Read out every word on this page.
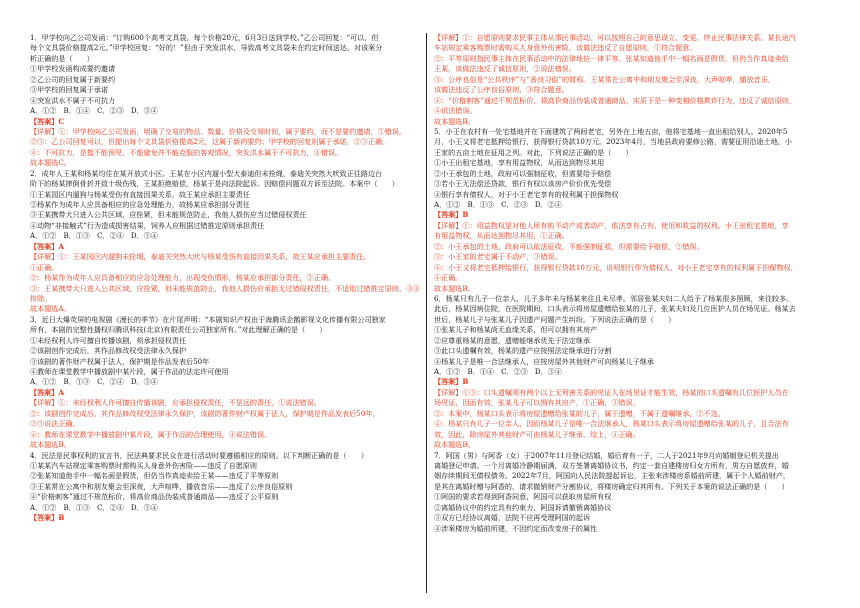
1．甲学校向乙公司发函：“订购600个高考文具袋，每个价格20元，6月3日送到学校。”乙公司回复：“可以，但
每个文具袋价格提高2元。”甲学校回复：“好的！”但由于突发洪水，导致高考文具袋未在约定时间送达。对该案分
析正确的是（　　）
①甲学校发函构成要约邀请
②乙公司的回复属于新要约
③甲学校的回复属于承诺
④突发洪水不属于不可抗力
A．①②　B．①④　C．②③　D．③④
【答案】C
【详解】①：甲学校向乙公司发函，明确了交易的物品、数量、价格及交易时间，属于要约，而不是要约邀请，①错误。
②③：乙公司回复可以，但提出每个文具袋价格提高2元，这属于新的要约；甲学校的回复则属于承诺，②③正确。
④：不可抗力，是指不能预见、不能避免并不能克服的客观情况，突发洪水属于不可抗力，④错误。
故本题选C。
2．成年人王某和杨某均住在某开放式小区。王某在小区内遛小型犬泰迪但未拴绳，泰迪关突然大吠致正往路边台
阶下的杨某摔倒骨折并致十级伤残，王某拒绝赔偿，杨某于是向法院起诉。因赔偿问题双方诉至法院。本案中（　　）
①王某园区内遛狗与杨某受伤有直接因果关系，故王某应承担主要责任
②杨某作为成年人应具备相应的应急处理能力，故杨某应承担部分责任
③王某携带犬只进入公共区域，应拴紧，但未能规范防止，我他人损伤应当过错侵权责任
④动物“非接触式”行为造成损害结果，饲养人应根据过错推定原则承担责任
A．①②　B．①③　C．②④　D．③④
【答案】A
【详解】①：王某园区内遛狗未拴绳，泰迪关突然大吠与杨某受伤有直接因果关系，故王某应承担主要责任，
①正确。
②：杨某作为成年人应具备相应的应急处理能力，出现受伤情形，杨某应承担部分责任，②正确。
③：王某携带犬只进入公共区域，应拴紧，但未能规范防止，我他人损伤应承担无过错侵权责任，不适用过错推定原则，③④
排除。
故本题选A。
3．近日大爆荧屏的电视剧《漫长的季节》在片尾声明：“本剧知识产权由于海腾讯企鹅影视文化传播有限公司独家
所有，本剧的完整性播权归腾讯科技(北京)有限责任公司独家所有。”对此理解正确的是（　　）
①未经权利人许可擅自传播该剧，须承担侵权责任
②该剧创作完成后，其作品修改权受法律永久保护
③该剧的著作财产权属于法人，保护期是作品发表后50年
④教师在课堂教学中播放剧中某片段，属于作品的法定许可使用
A．①②　B．①③　C．②④　D．③④
【答案】A
【详解】①：未经权利人许可擅自传播该剧，应承担侵权责任，不是远的责任，①说法错误。
②：该剧创作完成后，其作品修改权受法律永久保护，该剧的著作财产权属于法人，保护期是作品发表后50年，
②③说法正确。
④：教师在课堂教学中播放剧中某片段，属于作品的合理使用，④说法错误。
故本题选B。
4．民法是民事权利的宣言书，民法典要求民众在进行活动时要遵循相应的原则。以下判断正确的是（　　）
①某某汽车站规定乘客购票时需购买人身意外伤害险——违反了自愿原则
②张某知道他手中一幅名画是假货，但仍当作真迹卖给王某——违反了平等原则
③王某常在公寓中和朋友聚会至深夜，大声喧哗，播放音乐——违反了公序良俗原则
④“价格刺客”通过不规范标价，将高价商品伪装成普通商品——违反了公平原则
A．①②　B．①③　C．②④　D．③④
【答案】B
【详解】①：自愿原则要求民事主体从事民事活动，可以按照自己的意思设立、变更、终止民事法律关系。某长途汽
车站规定乘客购票时需购买人身意外伤害险，该做法违反了自愿原则，①符合题意。
②：平等原则指民事主体在民事活动中的法律地位一律平等。张某知道他手中一幅名画是假货，但仍当作真迹卖给
王某，该做法违反了诚信原则，②说法错误。
③：公序良俗是“公共秩序”与“善良习俗”的简称。王某常在公寓中和朋友聚会至深夜，大声喧哗，播放音乐，
该做法违反了公序良俗原则，③符合题意。
④：“价格刺客”通过不规范标价，将高价商品伪装成普通商品，实质下是一种变相价格欺诈行为，违反了诚信原则，
④说法错误。
故本题选B。
5．小王在农村有一处宅基地并在下面建筑了两间老宅，另外在上地五亩，他将宅基地一直出租给别人。2020年5
月，小王又将老宅抵押给银行，获得银行贷款10万元。2023年4月，当地县政府要修公路，需要征用沿途土地，小
王家的五亩土地在征用之列。对此，下列说法正确的是（　　）
①小王出租宅基地，享有用益物权，从而达到物尽其用
②小王承包的土地，政府可以强制征收，但需要给予赔偿
③若小王无法偿还贷款，银行有权以该房产价价优先受偿
④银行享有债权人，对于小王老宅享有的权利属于担保物权
A．①②　B．①③　C．②③　D．②④
【答案】B
【详解】①：用益物权是对他人所有的不动产或者动产，依法享有占有、使用和收益的权利。小王出租宅基地，享
有用益物权，从而达到物尽其用，①正确。
②：小王承包的土地，政府可以依法征收，不能强制征收，但需要给予赔偿，②错误。
③：小王家的老宅属于不动产，③错误。
④：小王又将老宅抵押给银行，获得银行贷款10万元，说明银行作为债权人，对小王老宅享有的权利属于担保物权，
④正确。
故本题选B。
6．杨某只有儿子一位亲人，儿子多年未与杨某来往且未尽孝。邻居张某夫妇二人给予了杨某很多照顾，来往较多。
此后，杨某因病住院，在医院期间，口头表示将房屋遗赠给张某的儿子，张某夫妇及几位医护人员在场见证。杨某去
世后，杨某儿子与张某儿子因遗产问题产生纠纷。下列说法正确的是（　　）
①张某儿子和杨某尚无血缘关系，但可以拥有其房产
②应尊重杨某的意愿，遗赠能继承优先于法定继承
③此口头遗嘱有效，杨某的遗产应按照法定继承进行分割
④杨某儿子是唯一合法继承人，应按房屋外其他财产可向杨某儿子继承
A．①②　B．①④　C．②③　D．③④
【答案】B
【详解】①③：口头遗嘱须有两个以上无利害关系的见证人在场见证才能生效，杨某的口头遗嘱有几位医护人员在
场见证，因而有效，张某儿子可以拥有其房产，①正确，③错误。
②：本案中，杨某口头表示将房屋遗赠给张某的儿子，属于遗赠，不属于遗嘱继承，②不选。
④：杨某只有儿子一位亲人，因而杨某儿子是唯一合法继承人，杨某口头表示将房屋遗赠给张某的儿子，且合法有
效，因此，除房屋外其他财产可由杨某儿子继承，综上，④正确。
故本题选B。
7．阿国（男）与阿香（女）于2007年11月登记结婚，婚后育有一子，二人于2021年9月向婚姻登记机关提出
离婚登记申请。一个月离婚冷静期届满，双方签署离婚协议书，约定一套自建楼房归女方所有，男方自愿放弃，婚
姻存续期间无债权债务。2022年7月，阿国向人民法院提起诉讼，主张来涉楼房系婚前所建，属于个人婚前财产，
是其在离婚时赠与阿香的，请求撤销财产分割协议，将楼房确定归其所有。下列关于本案的说法正确的是（　　）
①阿国的要求若得到阿香同意，阿国可以获取房屋所有权
②离婚协议中的约定具有约束力，阿国诉请撤销离婚协议
③双方已经协议离婚，法院不应再受理阿国的起诉
④涉案楼房为婚前所建，不因约定而改变房子的属性
